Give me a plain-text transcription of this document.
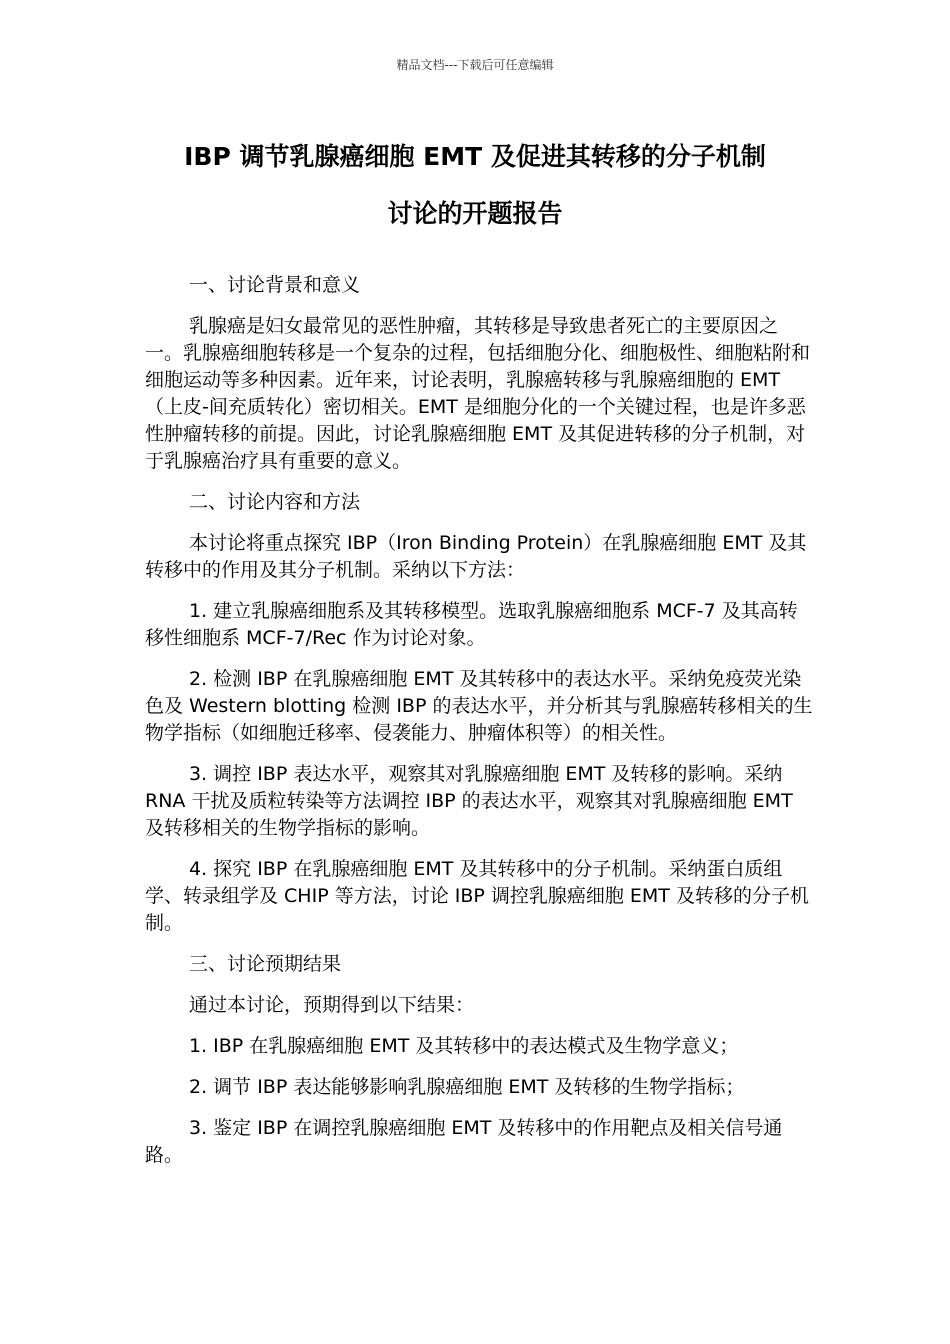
精品文档---下载后可任意编辑
IBP 调节乳腺癌细胞 EMT 及促进其转移的分子机制
讨论的开题报告

一、讨论背景和意义

乳腺癌是妇女最常见的恶性肿瘤，其转移是导致患者死亡的主要原因之一。乳腺癌细胞转移是一个复杂的过程，包括细胞分化、细胞极性、细胞粘附和细胞运动等多种因素。近年来，讨论表明，乳腺癌转移与乳腺癌细胞的 EMT（上皮-间充质转化）密切相关。EMT 是细胞分化的一个关键过程，也是许多恶性肿瘤转移的前提。因此，讨论乳腺癌细胞 EMT 及其促进转移的分子机制，对于乳腺癌治疗具有重要的意义。

二、讨论内容和方法

本讨论将重点探究 IBP（Iron Binding Protein）在乳腺癌细胞 EMT 及其转移中的作用及其分子机制。采纳以下方法：

1. 建立乳腺癌细胞系及其转移模型。选取乳腺癌细胞系 MCF-7 及其高转移性细胞系 MCF-7/Rec 作为讨论对象。

2. 检测 IBP 在乳腺癌细胞 EMT 及其转移中的表达水平。采纳免疫荧光染色及 Western blotting 检测 IBP 的表达水平，并分析其与乳腺癌转移相关的生物学指标（如细胞迁移率、侵袭能力、肿瘤体积等）的相关性。

3. 调控 IBP 表达水平，观察其对乳腺癌细胞 EMT 及转移的影响。采纳 RNA 干扰及质粒转染等方法调控 IBP 的表达水平，观察其对乳腺癌细胞 EMT 及转移相关的生物学指标的影响。

4. 探究 IBP 在乳腺癌细胞 EMT 及其转移中的分子机制。采纳蛋白质组学、转录组学及 CHIP 等方法，讨论 IBP 调控乳腺癌细胞 EMT 及转移的分子机制。

三、讨论预期结果

通过本讨论，预期得到以下结果：

1. IBP 在乳腺癌细胞 EMT 及其转移中的表达模式及生物学意义；

2. 调节 IBP 表达能够影响乳腺癌细胞 EMT 及转移的生物学指标；

3. 鉴定 IBP 在调控乳腺癌细胞 EMT 及转移中的作用靶点及相关信号通路。
